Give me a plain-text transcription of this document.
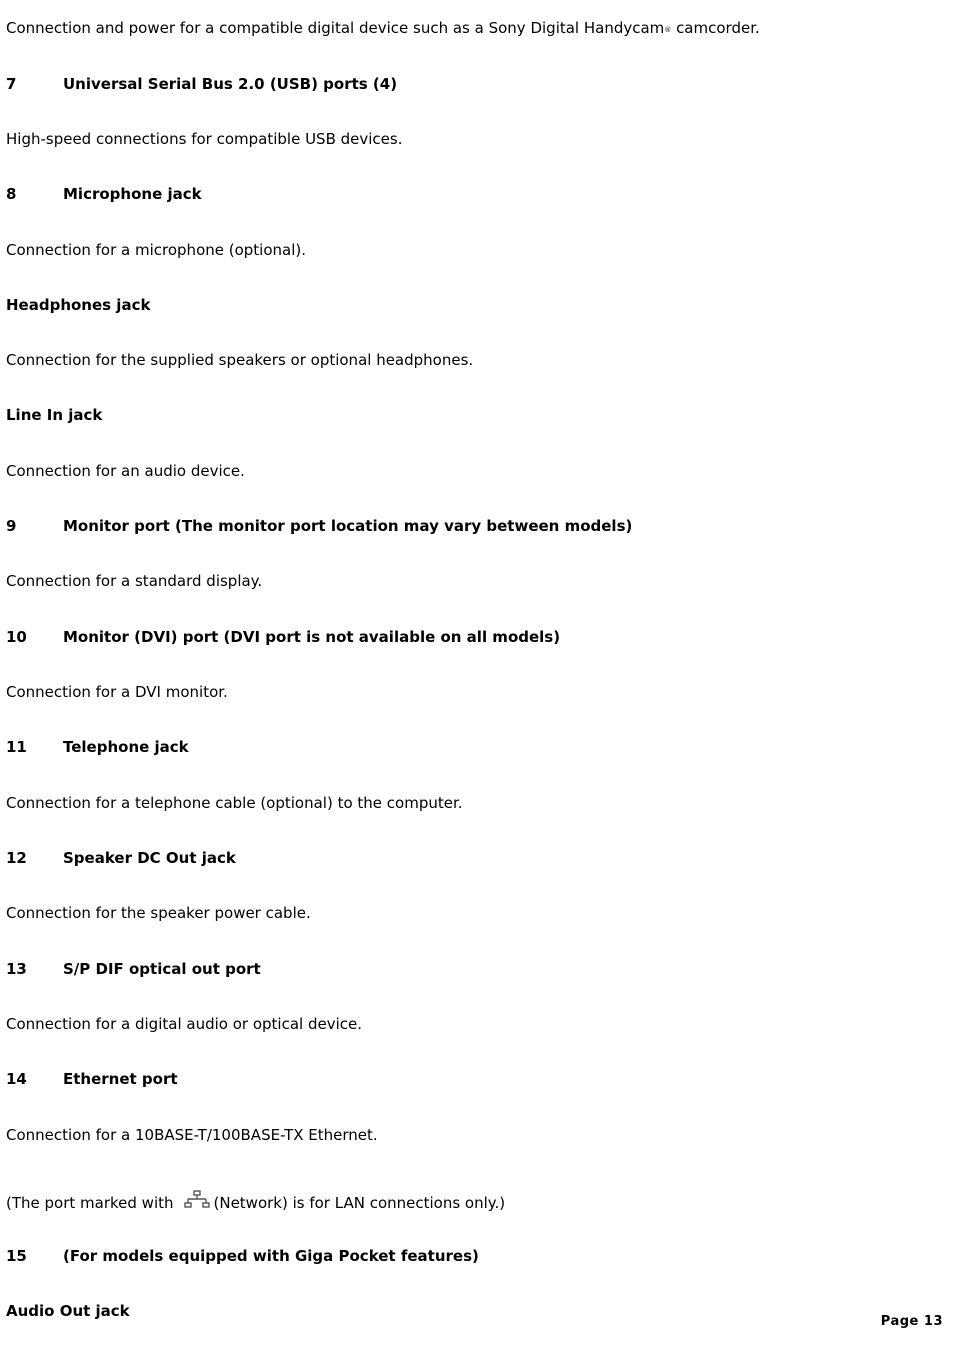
Connection and power for a compatible digital device such as a Sony Digital Handycam® camcorder.
7	Universal Serial Bus 2.0 (USB) ports (4)
High-speed connections for compatible USB devices.
8	Microphone jack
Connection for a microphone (optional).
Headphones jack
Connection for the supplied speakers or optional headphones.
Line In jack
Connection for an audio device.
9	Monitor port (The monitor port location may vary between models)
Connection for a standard display.
10 Monitor (DVI) port (DVI port is not available on all models)
Connection for a DVI monitor.
11 Telephone jack
Connection for a telephone cable (optional) to the computer.
12 Speaker DC Out jack
Connection for the speaker power cable.
13 S/P DIF optical out port
Connection for a digital audio or optical device.
14 Ethernet port
Connection for a 10BASE-T/100BASE-TX Ethernet.
(The port marked with	(Network) is for LAN connections only.)
15 (For models equipped with Giga Pocket features)
Audio Out jack
Page 13
